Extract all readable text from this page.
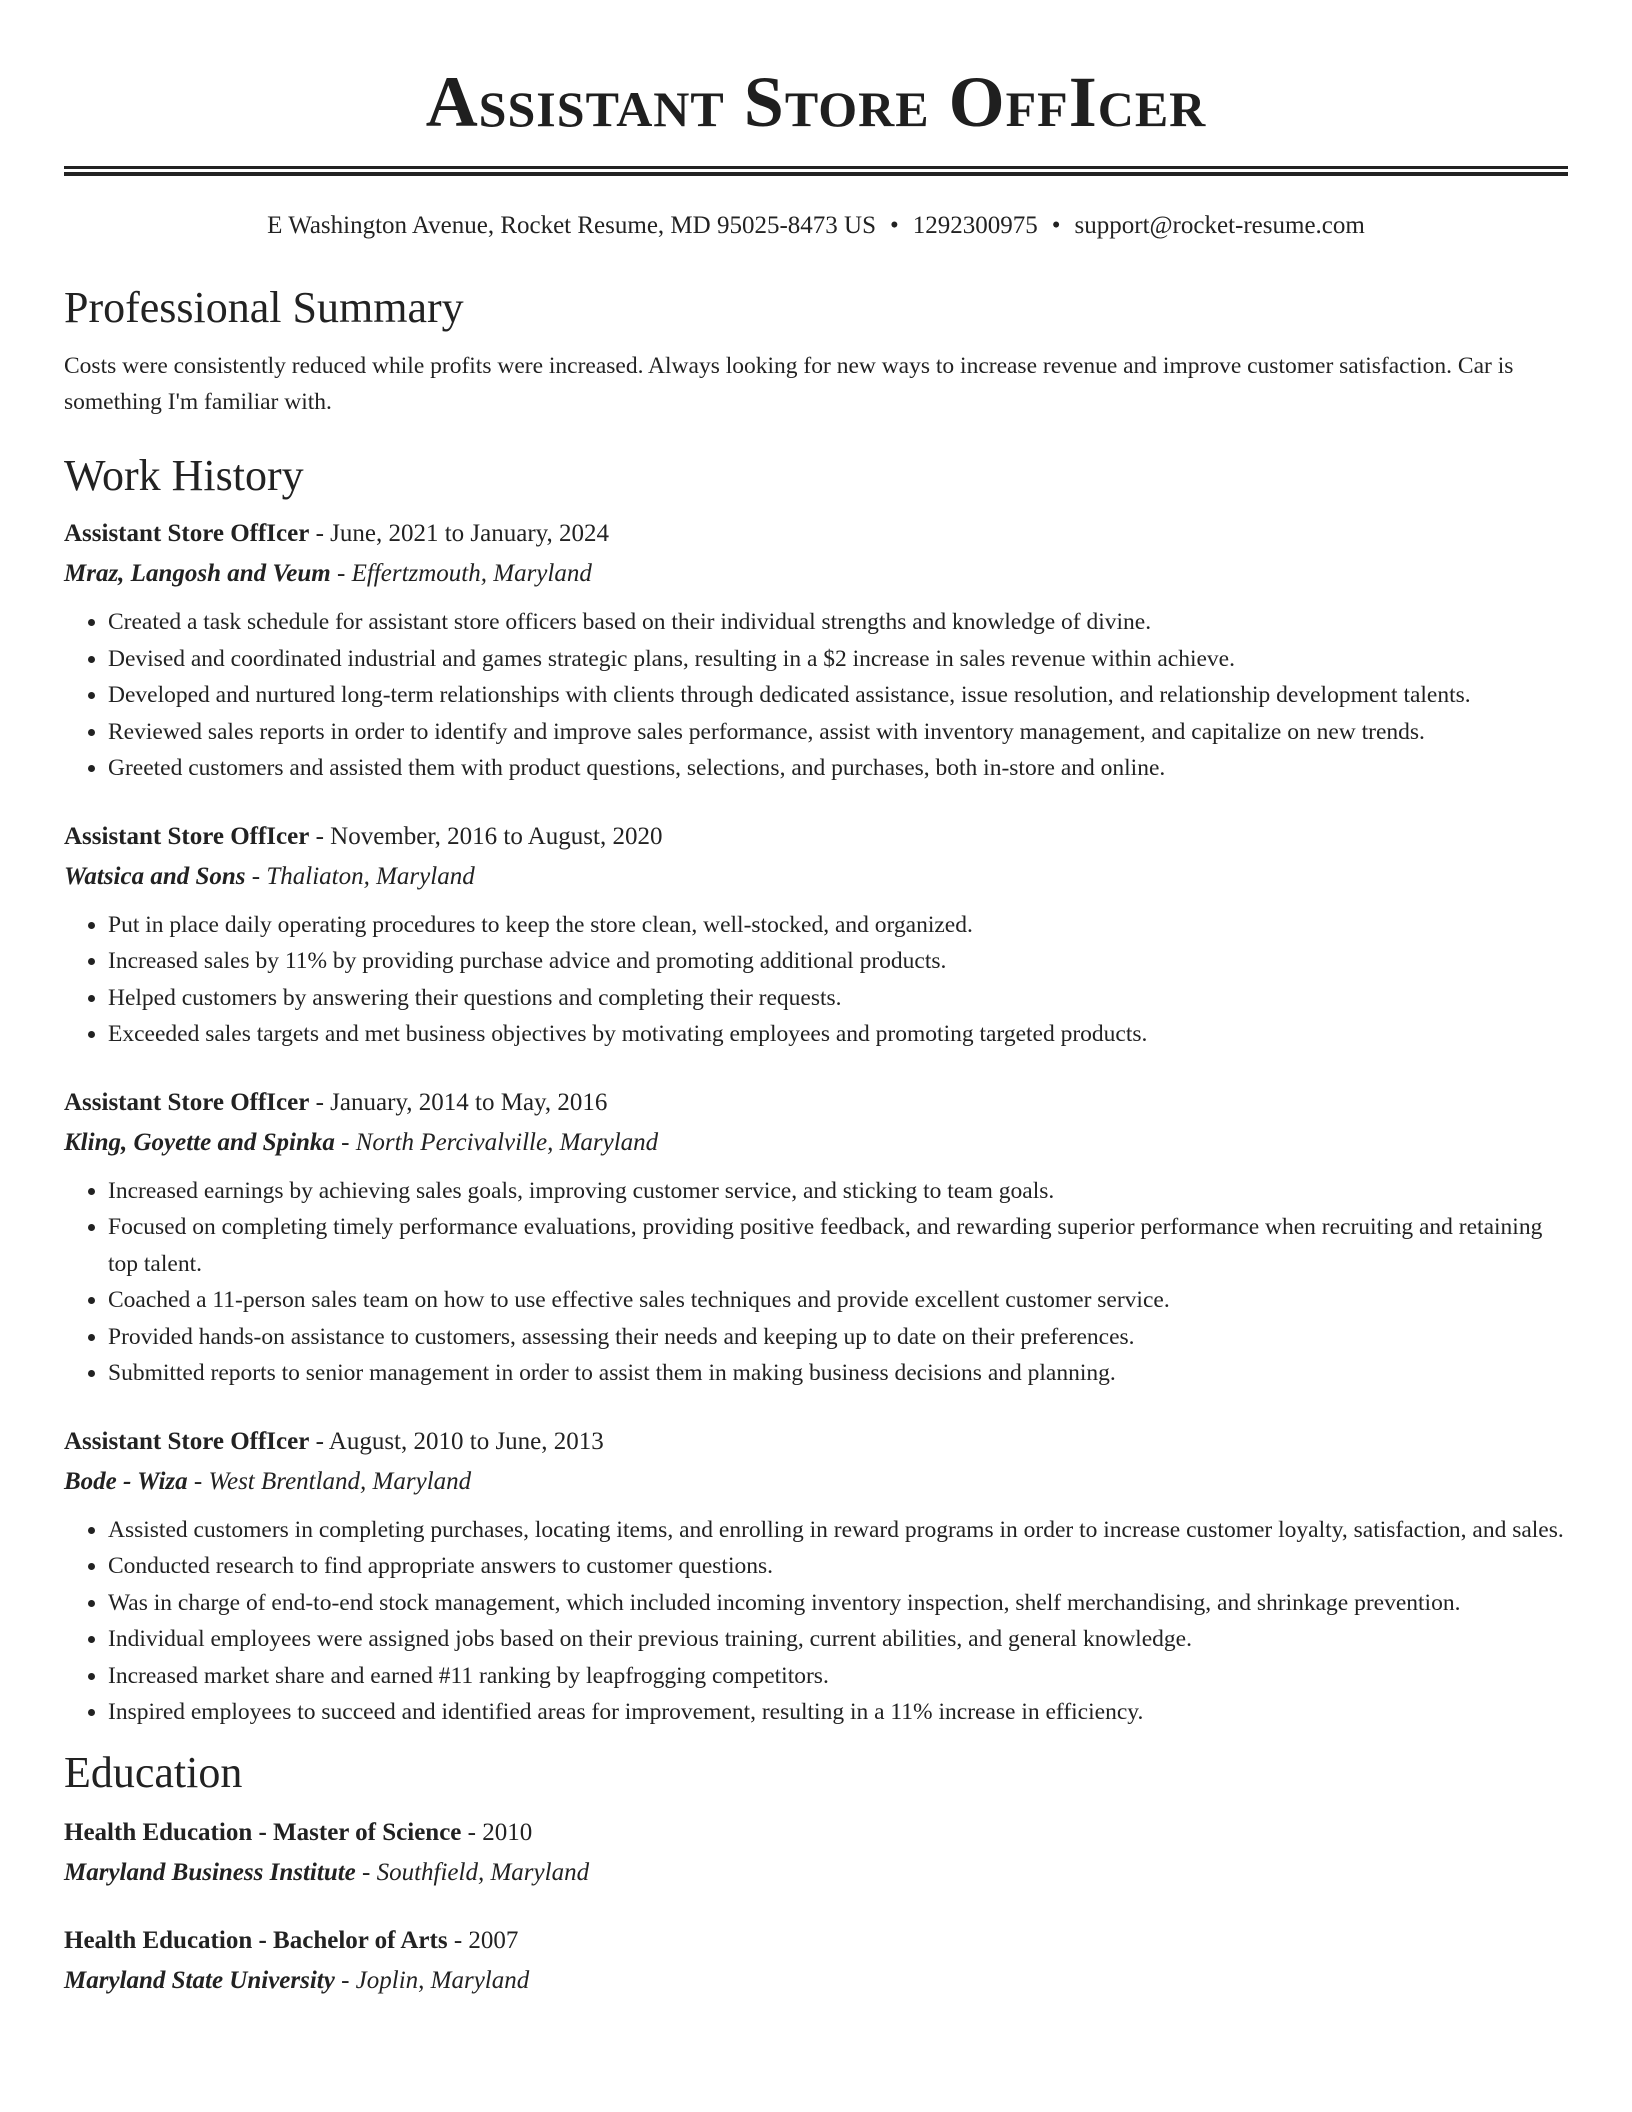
Assistant Store OffIcer
E Washington Avenue, Rocket Resume, MD 95025-8473 US • 1292300975 • support@rocket-resume.com
Professional Summary
Costs were consistently reduced while profits were increased. Always looking for new ways to increase revenue and improve customer satisfaction. Car is something I'm familiar with.
Work History
Assistant Store OffIcer - June, 2021 to January, 2024
Mraz, Langosh and Veum - Effertzmouth, Maryland
• Created a task schedule for assistant store officers based on their individual strengths and knowledge of divine.
• Devised and coordinated industrial and games strategic plans, resulting in a $2 increase in sales revenue within achieve.
• Developed and nurtured long-term relationships with clients through dedicated assistance, issue resolution, and relationship development talents.
• Reviewed sales reports in order to identify and improve sales performance, assist with inventory management, and capitalize on new trends.
• Greeted customers and assisted them with product questions, selections, and purchases, both in-store and online.
Assistant Store OffIcer - November, 2016 to August, 2020
Watsica and Sons - Thaliaton, Maryland
• Put in place daily operating procedures to keep the store clean, well-stocked, and organized.
• Increased sales by 11% by providing purchase advice and promoting additional products.
• Helped customers by answering their questions and completing their requests.
• Exceeded sales targets and met business objectives by motivating employees and promoting targeted products.
Assistant Store OffIcer - January, 2014 to May, 2016
Kling, Goyette and Spinka - North Percivalville, Maryland
• Increased earnings by achieving sales goals, improving customer service, and sticking to team goals.
• Focused on completing timely performance evaluations, providing positive feedback, and rewarding superior performance when recruiting and retaining top talent.
• Coached a 11-person sales team on how to use effective sales techniques and provide excellent customer service.
• Provided hands-on assistance to customers, assessing their needs and keeping up to date on their preferences.
• Submitted reports to senior management in order to assist them in making business decisions and planning.
Assistant Store OffIcer - August, 2010 to June, 2013
Bode - Wiza - West Brentland, Maryland
• Assisted customers in completing purchases, locating items, and enrolling in reward programs in order to increase customer loyalty, satisfaction, and sales.
• Conducted research to find appropriate answers to customer questions.
• Was in charge of end-to-end stock management, which included incoming inventory inspection, shelf merchandising, and shrinkage prevention.
• Individual employees were assigned jobs based on their previous training, current abilities, and general knowledge.
• Increased market share and earned #11 ranking by leapfrogging competitors.
• Inspired employees to succeed and identified areas for improvement, resulting in a 11% increase in efficiency.
Education
Health Education - Master of Science - 2010
Maryland Business Institute - Southfield, Maryland
Health Education - Bachelor of Arts - 2007
Maryland State University - Joplin, Maryland
